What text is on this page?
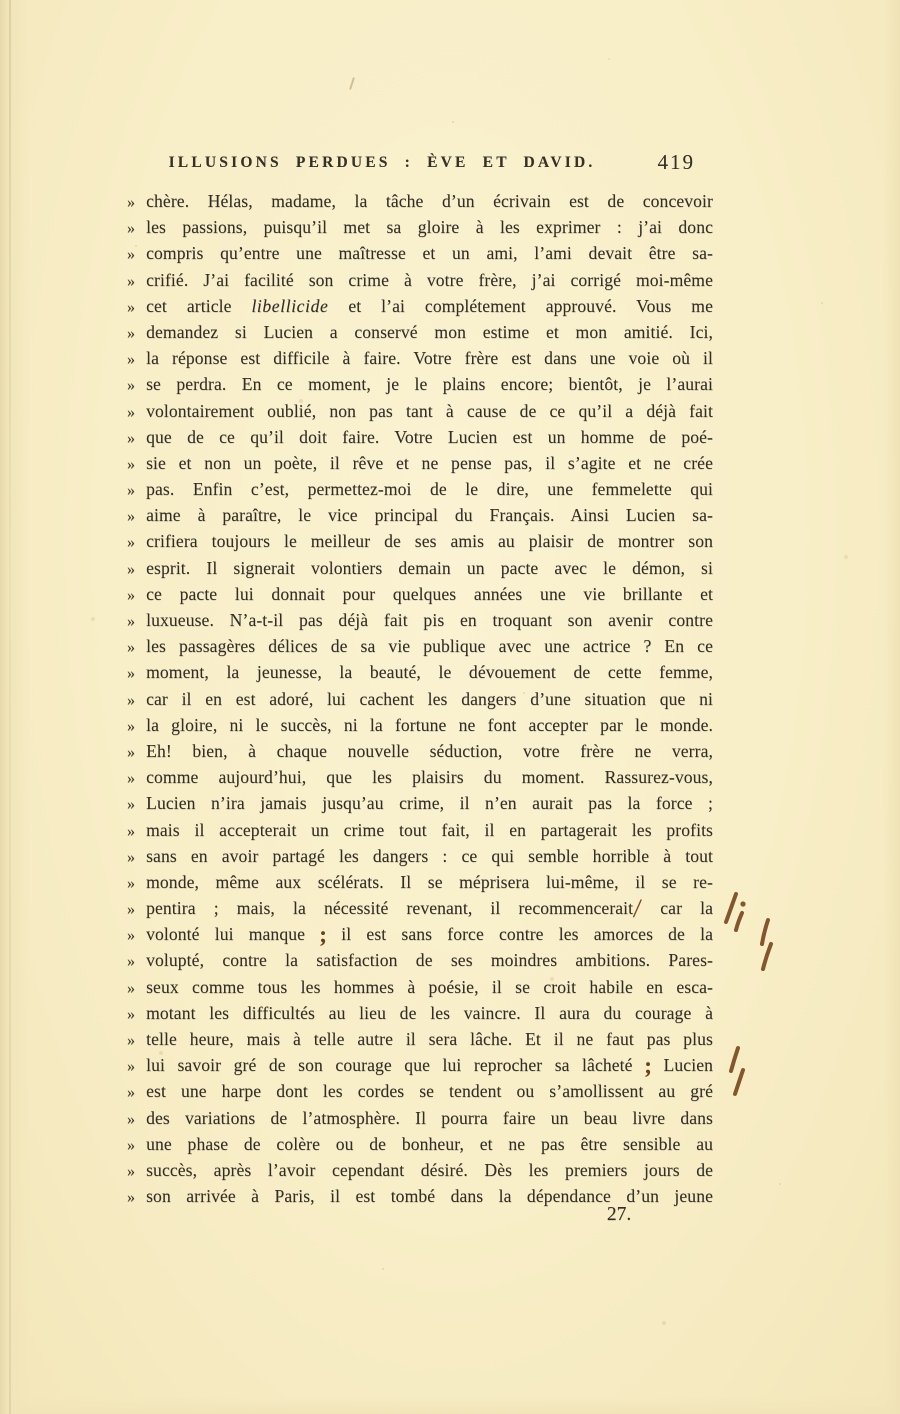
ILLUSIONS PERDUES : ÈVE ET DAVID.	419
» chère. Hélas, madame, la tâche d’un écrivain est de concevoir
» les passions, puisqu’il met sa gloire à les exprimer : j’ai donc
» compris qu’entre une maîtresse et un ami, l’ami devait être sa-
» crifié. J’ai facilité son crime à votre frère, j’ai corrigé moi-même
» cet article libellicide et l’ai complétement approuvé. Vous me
» demandez si Lucien a conservé mon estime et mon amitié. Ici,
» la réponse est difficile à faire. Votre frère est dans une voie où il
» se perdra. En ce moment, je le plains encore; bientôt, je l’aurai
» volontairement oublié, non pas tant à cause de ce qu’il a déjà fait
» que de ce qu’il doit faire. Votre Lucien est un homme de poé-
» sie et non un poète, il rêve et ne pense pas, il s’agite et ne crée
» pas. Enfin c’est, permettez-moi de le dire, une femmelette qui
» aime à paraître, le vice principal du Français. Ainsi Lucien sa-
» crifiera toujours le meilleur de ses amis au plaisir de montrer son
» esprit. Il signerait volontiers demain un pacte avec le démon, si
» ce pacte lui donnait pour quelques années une vie brillante et
» luxueuse. N’a-t-il pas déjà fait pis en troquant son avenir contre
» les passagères délices de sa vie publique avec une actrice ? En ce
» moment, la jeunesse, la beauté, le dévouement de cette femme,
» car il en est adoré, lui cachent les dangers d’une situation que ni
» la gloire, ni le succès, ni la fortune ne font accepter par le monde.
» Eh! bien, à chaque nouvelle séduction, votre frère ne verra,
» comme aujourd’hui, que les plaisirs du moment. Rassurez-vous,
» Lucien n’ira jamais jusqu’au crime, il n’en aurait pas la force ;
» mais il accepterait un crime tout fait, il en partagerait les profits
» sans en avoir partagé les dangers : ce qui semble horrible à tout
» monde, même aux scélérats. Il se méprisera lui-même, il se re-
» pentira ; mais, la nécessité revenant, il recommencerait/ car la
» volonté lui manque ; il est sans force contre les amorces de la
» volupté, contre la satisfaction de ses moindres ambitions. Pares-
» seux comme tous les hommes à poésie, il se croit habile en esca-
» motant les difficultés au lieu de les vaincre. Il aura du courage à
» telle heure, mais à telle autre il sera lâche. Et il ne faut pas plus
» lui savoir gré de son courage que lui reprocher sa lâcheté ; Lucien
» est une harpe dont les cordes se tendent ou s’amollissent au gré
» des variations de l’atmosphère. Il pourra faire un beau livre dans
» une phase de colère ou de bonheur, et ne pas être sensible au
» succès, après l’avoir cependant désiré. Dès les premiers jours de
» son arrivée à Paris, il est tombé dans la dépendance d’un jeune
27.
